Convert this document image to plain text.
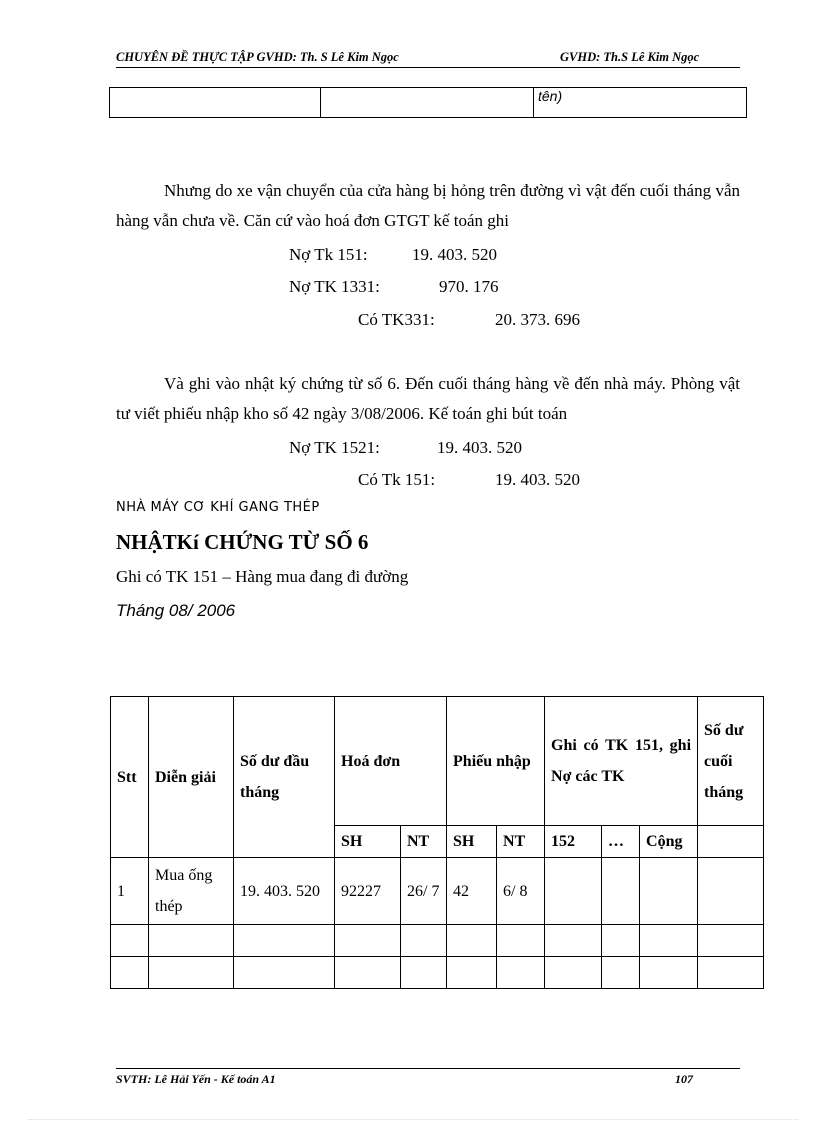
CHUYÊN ĐỀ THỰC TẬP GVHD: Th. S Lê Kim Ngọc	GVHD: Th.S Lê Kim Ngọc
		tên)
Nhưng do xe vận chuyển của cửa hàng bị hỏng trên đường vì vật đến cuối tháng vẫn hàng vẫn chưa về. Căn cứ vào hoá đơn GTGT kế toán ghi
Nợ Tk 151:	19. 403. 520
Nợ TK 1331:	970. 176
Có TK331:	20. 373. 696
Và ghi vào nhật ký chứng từ số 6. Đến cuối tháng hàng về đến nhà máy. Phòng vật tư viết phiếu nhập kho số 42 ngày 3/08/2006. Kế toán ghi bút toán
Nợ TK 1521:	19. 403. 520
Có Tk 151:	19. 403. 520
NHÀ MÁY CƠ KHÍ GANG THÉP
NHẬTKí CHỨNG TỪ SỐ 6
Ghi có TK 151 – Hàng mua đang đi đường
Tháng 08/ 2006
Stt	Diễn giải	Số dư đầu tháng	Hoá đơn		Phiếu nhập		Ghi có TK 151, ghi Nợ các TK			Số dư cuối tháng
			SH	NT	SH	NT	152	…	Cộng	
1	Mua ống thép	19. 403. 520	92227	26/ 7	42	6/ 8				

SVTH: Lê Hải Yến - Kế toán A1	107
